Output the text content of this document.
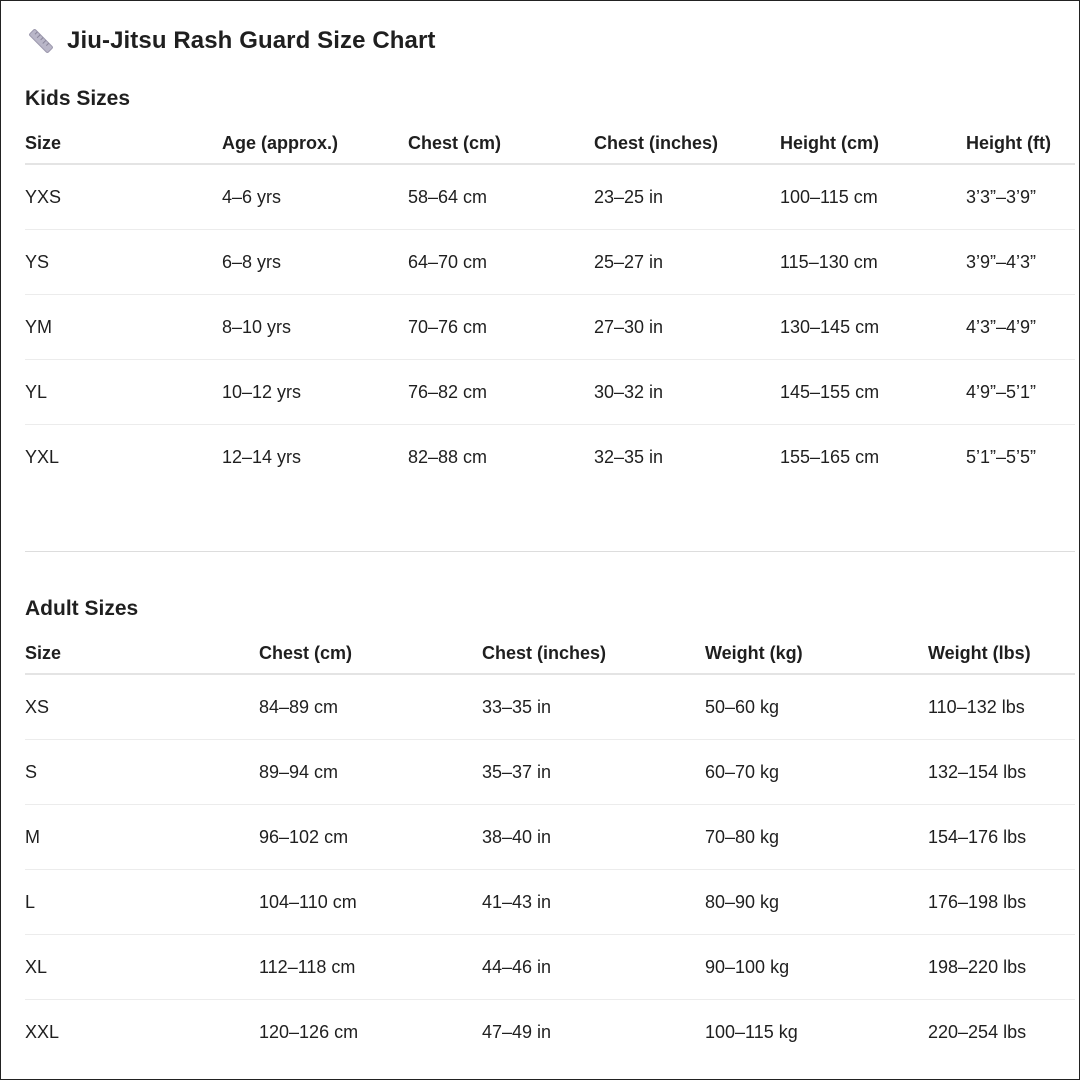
Jiu-Jitsu Rash Guard Size Chart
Kids Sizes
Size	Age (approx.)	Chest (cm)	Chest (inches)	Height (cm)	Height (ft)
YXS	4–6 yrs	58–64 cm	23–25 in	100–115 cm	3’3”–3’9”
YS	6–8 yrs	64–70 cm	25–27 in	115–130 cm	3’9”–4’3”
YM	8–10 yrs	70–76 cm	27–30 in	130–145 cm	4’3”–4’9”
YL	10–12 yrs	76–82 cm	30–32 in	145–155 cm	4’9”–5’1”
YXL	12–14 yrs	82–88 cm	32–35 in	155–165 cm	5’1”–5’5”
Adult Sizes
Size	Chest (cm)	Chest (inches)	Weight (kg)	Weight (lbs)
XS	84–89 cm	33–35 in	50–60 kg	110–132 lbs
S	89–94 cm	35–37 in	60–70 kg	132–154 lbs
M	96–102 cm	38–40 in	70–80 kg	154–176 lbs
L	104–110 cm	41–43 in	80–90 kg	176–198 lbs
XL	112–118 cm	44–46 in	90–100 kg	198–220 lbs
XXL	120–126 cm	47–49 in	100–115 kg	220–254 lbs
